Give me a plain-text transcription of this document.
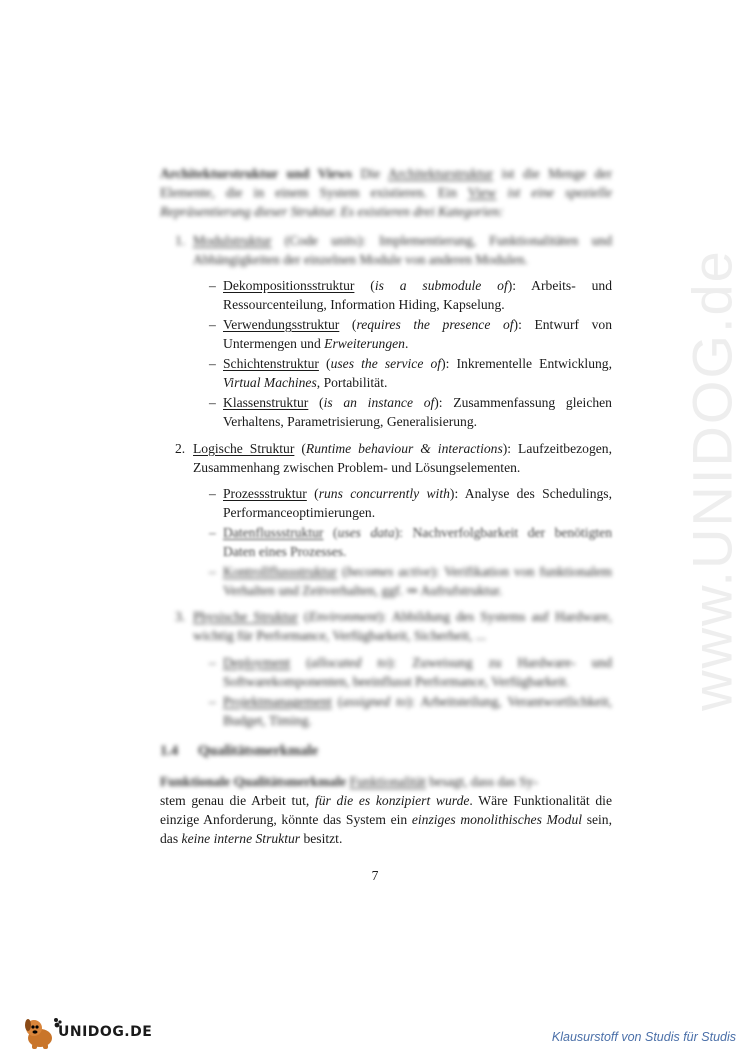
www.UNIDOG.de
Architekturstruktur und Views Die Architekturstruktur ist die Menge der Elemente, die in einem System existieren. Ein View ist eine spezielle Repräsentierung dieser Struktur. Es existieren drei Kategorien:
1. Modulstruktur (Code units): Implementierung, Funktionalitäten und Abhängigkeiten der einzelnen Module von anderen Modulen.
– Dekompositionsstruktur (is a submodule of): Arbeits- und Ressourcenteilung, Information Hiding, Kapselung.
– Verwendungsstruktur (requires the presence of): Entwurf von Untermengen und Erweiterungen.
– Schichtenstruktur (uses the service of): Inkrementelle Entwicklung, Virtual Machines, Portabilität.
– Klassenstruktur (is an instance of): Zusammenfassung gleichen Verhaltens, Parametrisierung, Generalisierung.
2. Logische Struktur (Runtime behaviour & interactions): Laufzeitbezogen, Zusammenhang zwischen Problem- und Lösungselementen.
– Prozessstruktur (runs concurrently with): Analyse des Schedulings, Performanceoptimierungen.
– Datenflussstruktur (uses data): Nachverfolgbarkeit der benötigten Daten eines Prozesses.
– Kontrollflussstruktur (becomes active): Verifikation von funktionalem Verhalten und Zeitverhalten, ggf. ⇒ Aufrufstruktur.
3. Physische Struktur (Environment): Abbildung des Systems auf Hardware, wichtig für Performance, Verfügbarkeit, Sicherheit, ...
– Deployment (allocated to): Zuweisung zu Hardware- und Softwarekomponenten, beeinflusst Performance, Verfügbarkeit.
– Projektmanagement (assigned to): Arbeitsteilung, Verantwortlichkeit, Budget, Timing.
1.4 Qualitätsmerkmale
Funktionale Qualitätsmerkmale Funktionalität besagt, dass das Sy-
stem genau die Arbeit tut, für die es konzipiert wurde. Wäre Funktionalität die einzige Anforderung, könnte das System ein einziges monolithisches Modul sein, das keine interne Struktur besitzt.
7
UNIDOG.DE	Klausurstoff von Studis für Studis
